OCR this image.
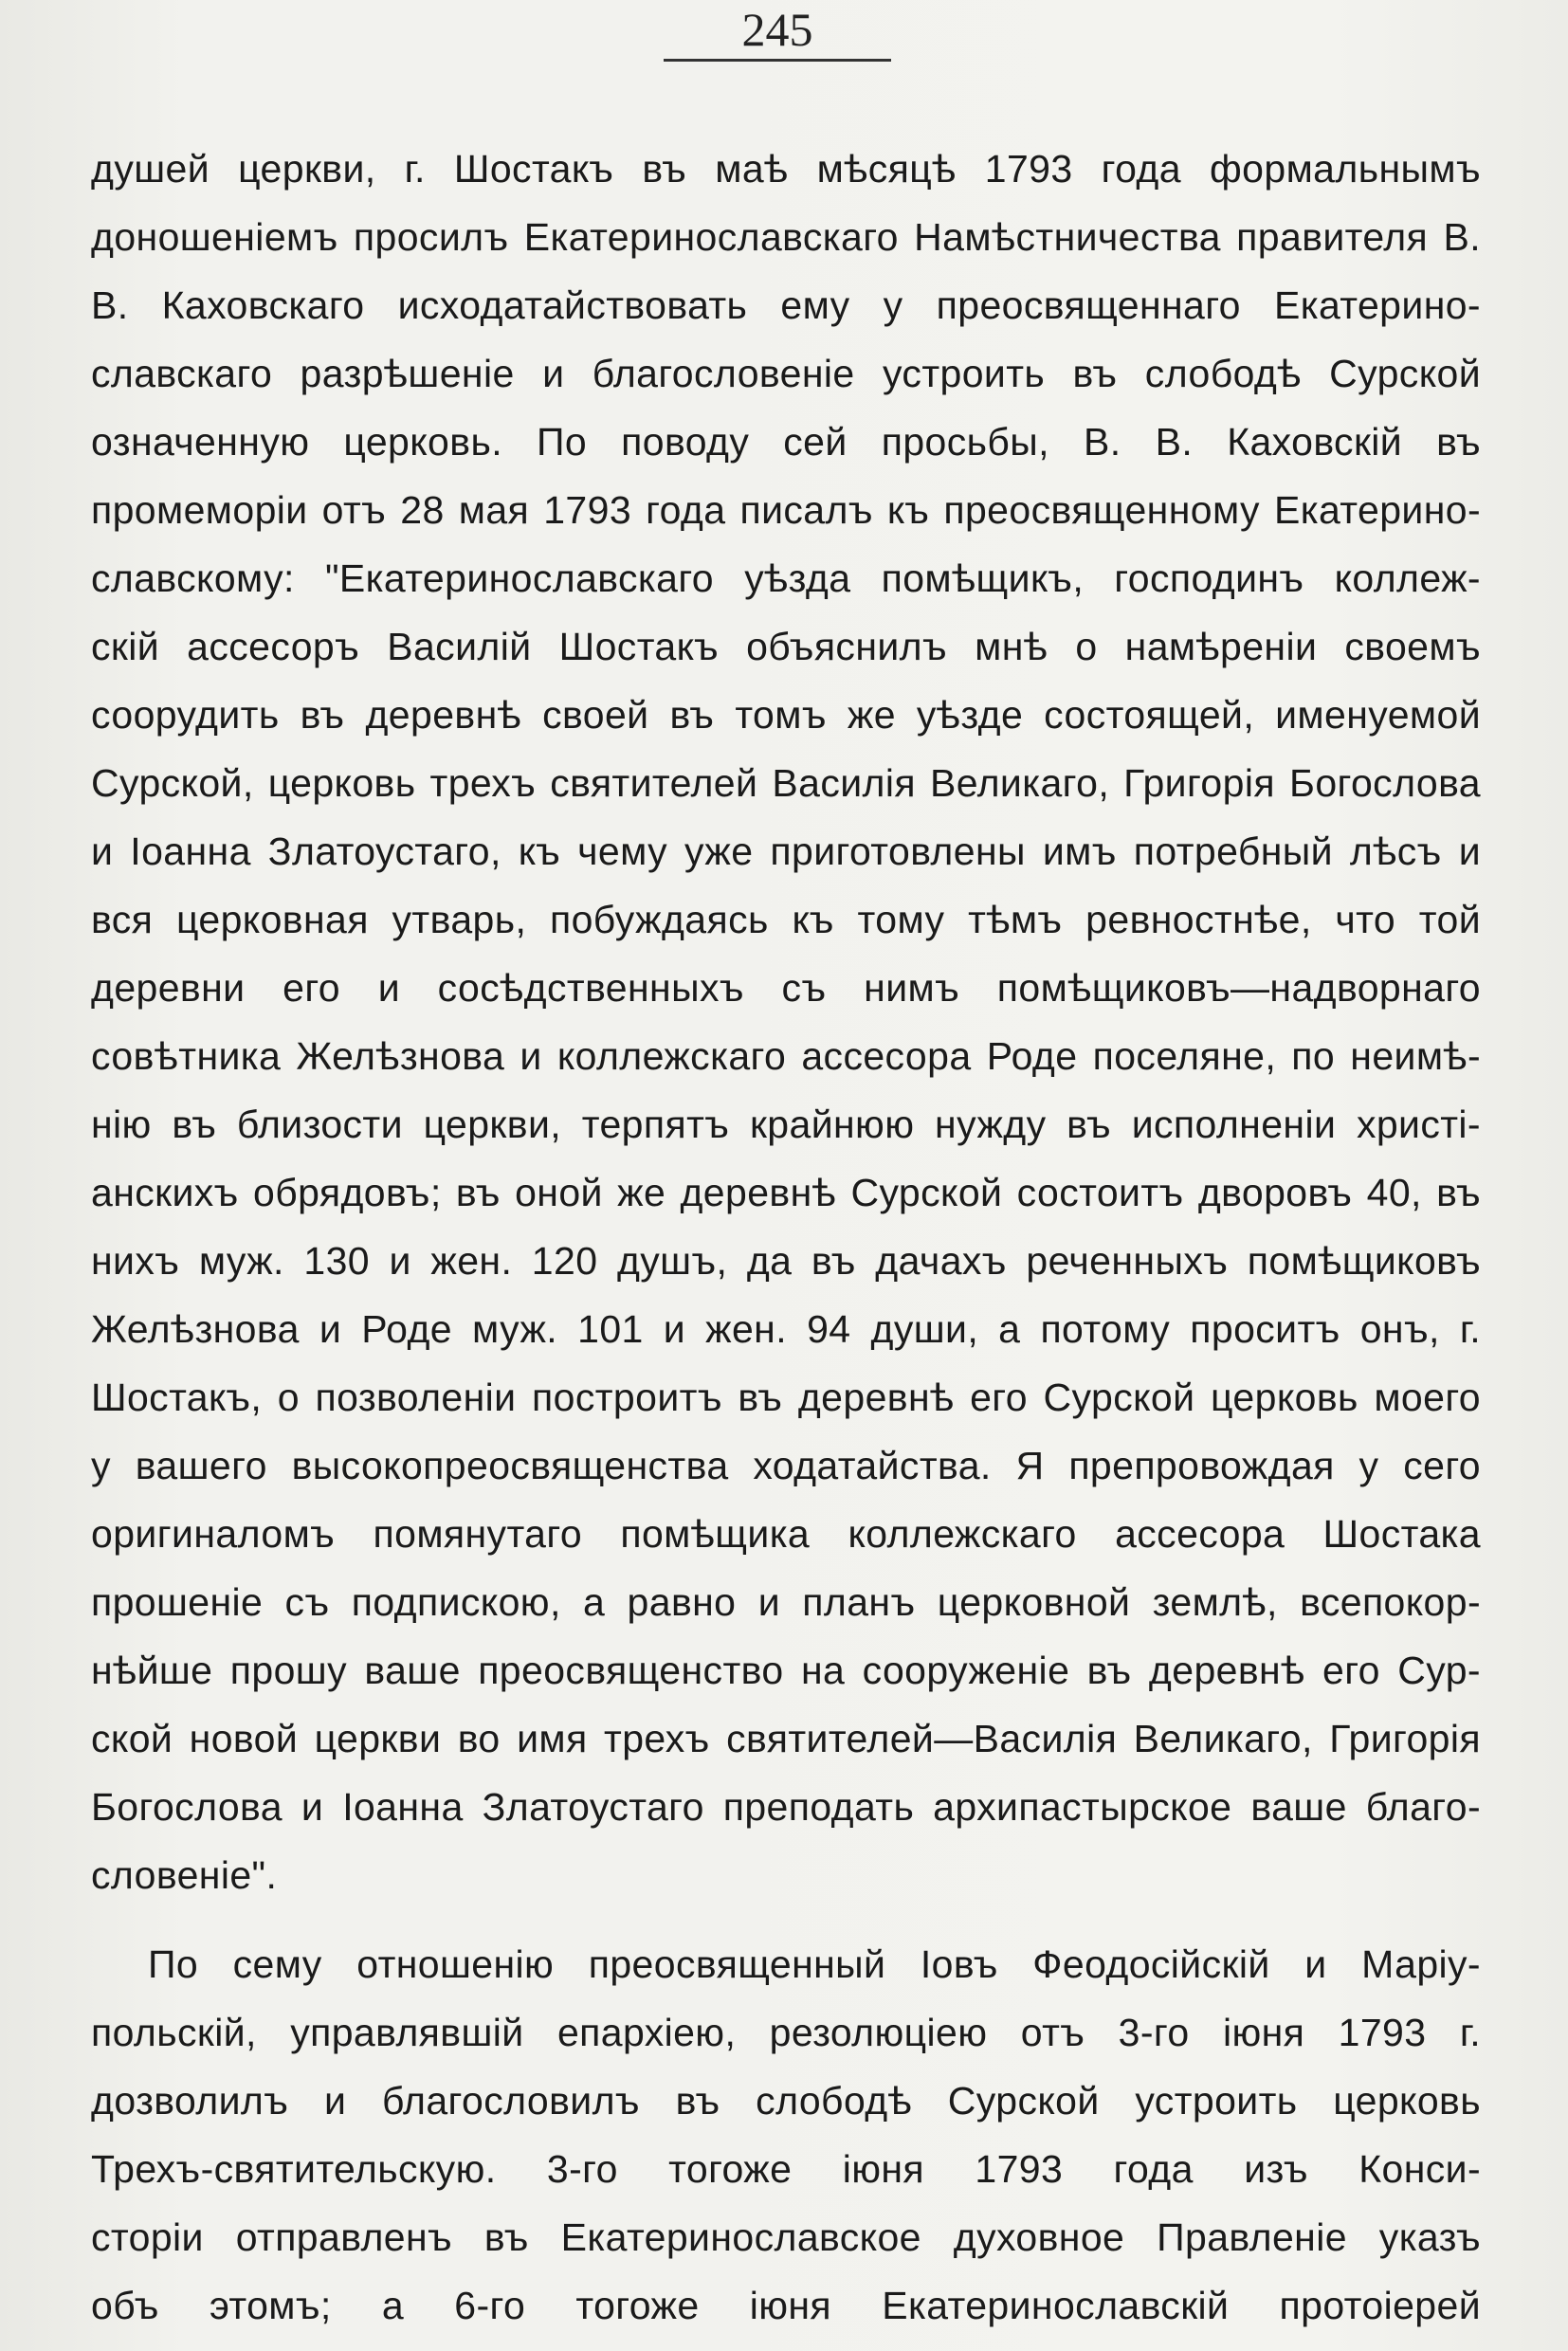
245
душей церкви, г. Шостакъ въ маѣ мѣсяцѣ 1793 года формальнымъ
доношеніемъ просилъ Екатеринославскаго Намѣстничества правителя В.
В. Каховскаго исходатайствовать ему у преосвященнаго Екатерино-
славскаго разрѣшеніе и благословеніе устроить въ слободѣ Сурской
означенную церковь. По поводу сей просьбы, В. В. Каховскій въ
промеморіи отъ 28 мая 1793 года писалъ къ преосвященному Екатерино-
славскому: "Екатеринославскаго уѣзда помѣщикъ, господинъ коллеж-
скій ассесоръ Василій Шостакъ объяснилъ мнѣ о намѣреніи своемъ
соорудить въ деревнѣ своей въ томъ же уѣзде состоящей, именуемой
Сурской, церковь трехъ святителей Василія Великаго, Григорія Богослова
и Іоанна Златоустаго, къ чему уже приготовлены имъ потребный лѣсъ и
вся церковная утварь, побуждаясь къ тому тѣмъ ревностнѣе, что той
деревни его и сосѣдственныхъ съ нимъ помѣщиковъ—надворнаго
совѣтника Желѣзнова и коллежскаго ассесора Роде поселяне, по неимѣ-
нію въ близости церкви, терпятъ крайнюю нужду въ исполненіи христі-
анскихъ обрядовъ; въ оной же деревнѣ Сурской состоитъ дворовъ 40, въ
нихъ муж. 130 и жен. 120 душъ, да въ дачахъ реченныхъ помѣщиковъ
Желѣзнова и Роде муж. 101 и жен. 94 души, а потому проситъ онъ, г.
Шостакъ, о позволеніи построитъ въ деревнѣ его Сурской церковь моего
у вашего высокопреосвященства ходатайства. Я препровождая у сего
оригиналомъ помянутаго помѣщика коллежскаго ассесора Шостака
прошеніе съ подпискою, а равно и планъ церковной землѣ, всепокор-
нѣйше прошу ваше преосвященство на сооруженіе въ деревнѣ его Сур-
ской новой церкви во имя трехъ святителей—Василія Великаго, Григорія
Богослова и Іоанна Златоустаго преподать архипастырское ваше благо-
словеніе".
По сему отношенію преосвященный Іовъ Феодосійскій и Маріу-
польскій, управлявшій епархіею, резолюціею отъ 3-го іюня 1793 г.
дозволилъ и благословилъ въ слободѣ Сурской устроить церковь
Трехъ-святительскую. 3-го тогоже іюня 1793 года изъ Конси-
сторіи отправленъ въ Екатеринославское духовное Правленіе указъ
объ этомъ; а 6-го тогоже іюня Екатеринославскій протоіерей
